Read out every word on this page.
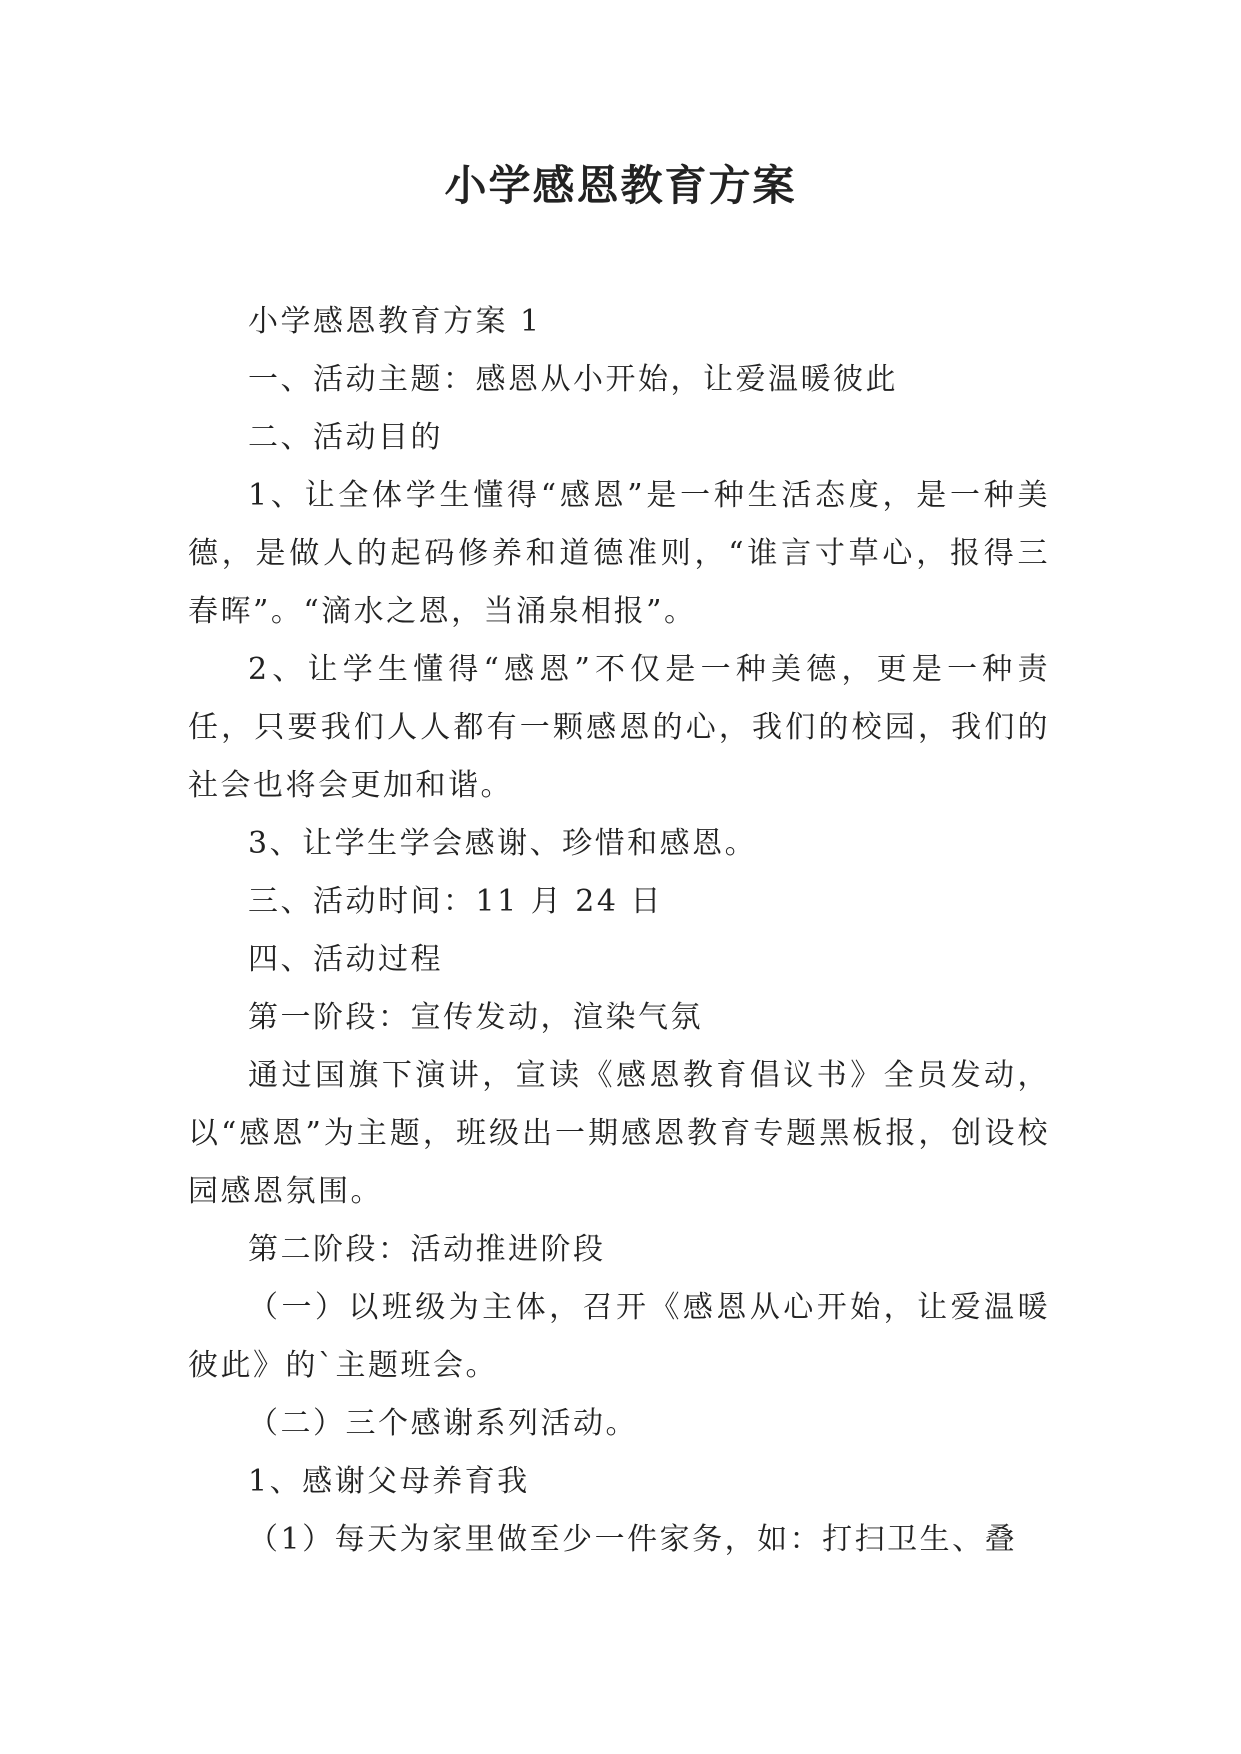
小学感恩教育方案

小学感恩教育方案 1

一、活动主题：感恩从小开始，让爱温暖彼此

二、活动目的

1、让全体学生懂得“感恩”是一种生活态度，是一种美德，是做人的起码修养和道德准则，“谁言寸草心，报得三春晖”。“滴水之恩，当涌泉相报”。

2、让学生懂得“感恩”不仅是一种美德，更是一种责任，只要我们人人都有一颗感恩的心，我们的校园，我们的社会也将会更加和谐。

3、让学生学会感谢、珍惜和感恩。

三、活动时间：11 月 24 日

四、活动过程

第一阶段：宣传发动，渲染气氛

通过国旗下演讲，宣读《感恩教育倡议书》全员发动，以“感恩”为主题，班级出一期感恩教育专题黑板报，创设校园感恩氛围。

第二阶段：活动推进阶段

（一）以班级为主体，召开《感恩从心开始，让爱温暖彼此》的`主题班会。

（二）三个感谢系列活动。

1、感谢父母养育我

（1）每天为家里做至少一件家务，如：打扫卫生、叠
